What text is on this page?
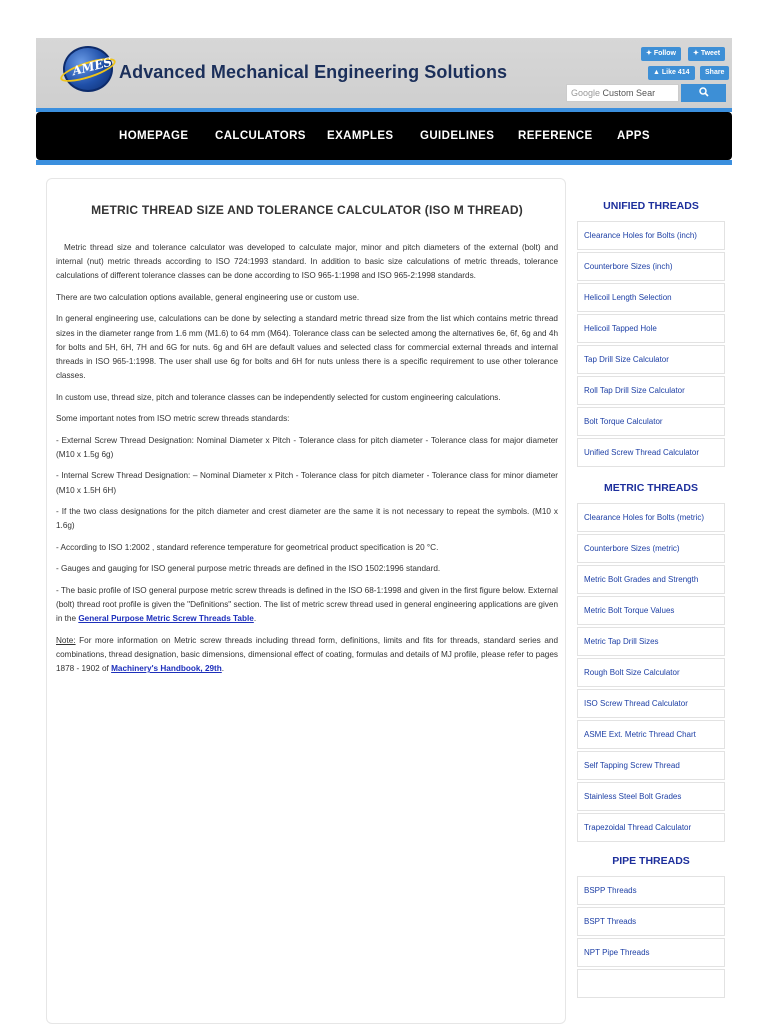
AMES Advanced Mechanical Engineering Solutions
✦ Follow	✦ Tweet
▲ Like 414	Share
Google Custom Sear
HOMEPAGE CALCULATORS EXAMPLES GUIDELINES REFERENCE APPS
METRIC THREAD SIZE AND TOLERANCE CALCULATOR (ISO M THREAD)

Metric thread size and tolerance calculator was developed to calculate major, minor and pitch diameters of the external (bolt) and internal (nut) metric threads according to ISO 724:1993 standard. In addition to basic size calculations of metric threads, tolerance calculations of different tolerance classes can be done according to ISO 965-1:1998 and ISO 965-2:1998 standards.

There are two calculation options available, general engineering use or custom use.

In general engineering use, calculations can be done by selecting a standard metric thread size from the list which contains metric thread sizes in the diameter range from 1.6 mm (M1.6) to 64 mm (M64). Tolerance class can be selected among the alternatives 6e, 6f, 6g and 4h for bolts and 5H, 6H, 7H and 6G for nuts. 6g and 6H are default values and selected class for commercial external threads and internal threads in ISO 965-1:1998. The user shall use 6g for bolts and 6H for nuts unless there is a specific requirement to use other tolerance classes.

In custom use, thread size, pitch and tolerance classes can be independently selected for custom engineering calculations.

Some important notes from ISO metric screw threads standards:

- External Screw Thread Designation: Nominal Diameter x Pitch - Tolerance class for pitch diameter - Tolerance class for major diameter (M10 x 1.5g 6g)

- Internal Screw Thread Designation: – Nominal Diameter x Pitch - Tolerance class for pitch diameter - Tolerance class for minor diameter (M10 x 1.5H 6H)

- If the two class designations for the pitch diameter and crest diameter are the same it is not necessary to repeat the symbols. (M10 x 1.6g)

- According to ISO 1:2002 , standard reference temperature for geometrical product specification is 20 °C.

- Gauges and gauging for ISO general purpose metric threads are defined in the ISO 1502:1996 standard.

- The basic profile of ISO general purpose metric screw threads is defined in the ISO 68-1:1998 and given in the first figure below. External (bolt) thread root profile is given the "Definitions" section. The list of metric screw thread used in general engineering applications are given in the General Purpose Metric Screw Threads Table.

Note: For more information on Metric screw threads including thread form, definitions, limits and fits for threads, standard series and combinations, thread designation, basic dimensions, dimensional effect of coating, formulas and details of MJ profile, please refer to pages 1878 - 1902 of Machinery's Handbook, 29th.

UNIFIED THREADS
Clearance Holes for Bolts (inch)
Counterbore Sizes (inch)
Helicoil Length Selection
Helicoil Tapped Hole
Tap Drill Size Calculator
Roll Tap Drill Size Calculator
Bolt Torque Calculator
Unified Screw Thread Calculator
METRIC THREADS
Clearance Holes for Bolts (metric)
Counterbore Sizes (metric)
Metric Bolt Grades and Strength
Metric Bolt Torque Values
Metric Tap Drill Sizes
Rough Bolt Size Calculator
ISO Screw Thread Calculator
ASME Ext. Metric Thread Chart
Self Tapping Screw Thread
Stainless Steel Bolt Grades
Trapezoidal Thread Calculator
PIPE THREADS
BSPP Threads
BSPT Threads
NPT Pipe Threads
